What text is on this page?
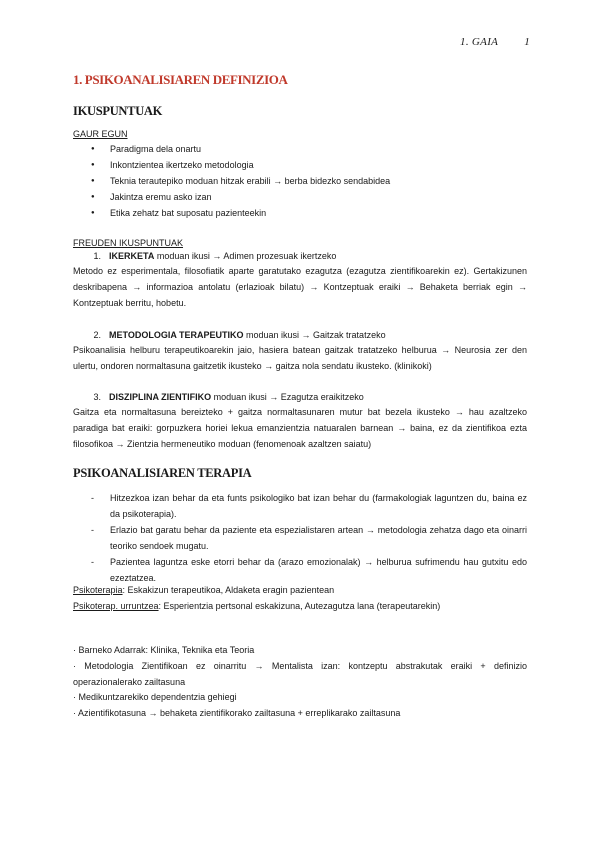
1. GAIA 1
1. PSIKOANALISIAREN DEFINIZIOA
IKUSPUNTUAK

GAUR EGUN

● Paradigma dela onartu
● Inkontzientea ikertzeko metodologia
● Teknia terautepiko moduan hitzak erabili → berba bidezko sendabidea
● Jakintza eremu asko izan
● Etika zehatz bat suposatu pazienteekin

FREUDEN IKUSPUNTUAK

1. IKERKETA moduan ikusi → Adimen prozesuak ikertzeko

Metodo ez esperimentala, filosofiatik aparte garatutako ezagutza (ezagutza zientifikoarekin ez). Gertakizunen deskribapena → informazioa antolatu (erlazioak bilatu) → Kontzeptuak eraiki → Behaketa berriak egin → Kontzeptuak berritu, hobetu.

2. METODOLOGIA TERAPEUTIKO moduan ikusi → Gaitzak tratatzeko

Psikoanalisia helburu terapeutikoarekin jaio, hasiera batean gaitzak tratatzeko helburua → Neurosia zer den ulertu, ondoren normaltasuna gaitzetik ikusteko → gaitza nola sendatu ikusteko. (klinikoki)

3. DISZIPLINA ZIENTIFIKO moduan ikusi → Ezagutza eraikitzeko

Gaitza eta normaltasuna bereizteko + gaitza normaltasunaren mutur bat bezela ikusteko → hau azaltzeko paradiga bat eraiki: gorpuzkera horiei lekua emanzientzia natuaralen barnean → baina, ez da zientifikoa ezta filosofikoa → Zientzia hermeneutiko moduan (fenomenoak azaltzen saiatu)

PSIKOANALISIAREN TERAPIA
- Hitzezkoa izan behar da eta funts psikologiko bat izan behar du (farmakologiak laguntzen du, baina ez da psikoterapia).
- Erlazio bat garatu behar da paziente eta espezialistaren artean → metodologia zehatza dago eta oinarri teoriko sendoek mugatu.
- Pazientea laguntza eske etorri behar da (arazo emozionalak) → helburua sufrimendu hau gutxitu edo ezeztatzea.

Psikoterapia: Eskakizun terapeutikoa, Aldaketa eragin pazientean

Psikoterap. urruntzea: Esperientzia pertsonal eskakizuna, Autezagutza lana (terapeutarekin)

· Barneko Adarrak: Klinika, Teknika eta Teoria

· Metodologia Zientifikoan ez oinarritu → Mentalista izan: kontzeptu abstrakutak eraiki + definizio operazionalerako zailtasuna

· Medikuntzarekiko dependentzia gehiegi

· Azientifikotasuna → behaketa zientifikorako zailtasuna + erreplikarako zailtasuna
